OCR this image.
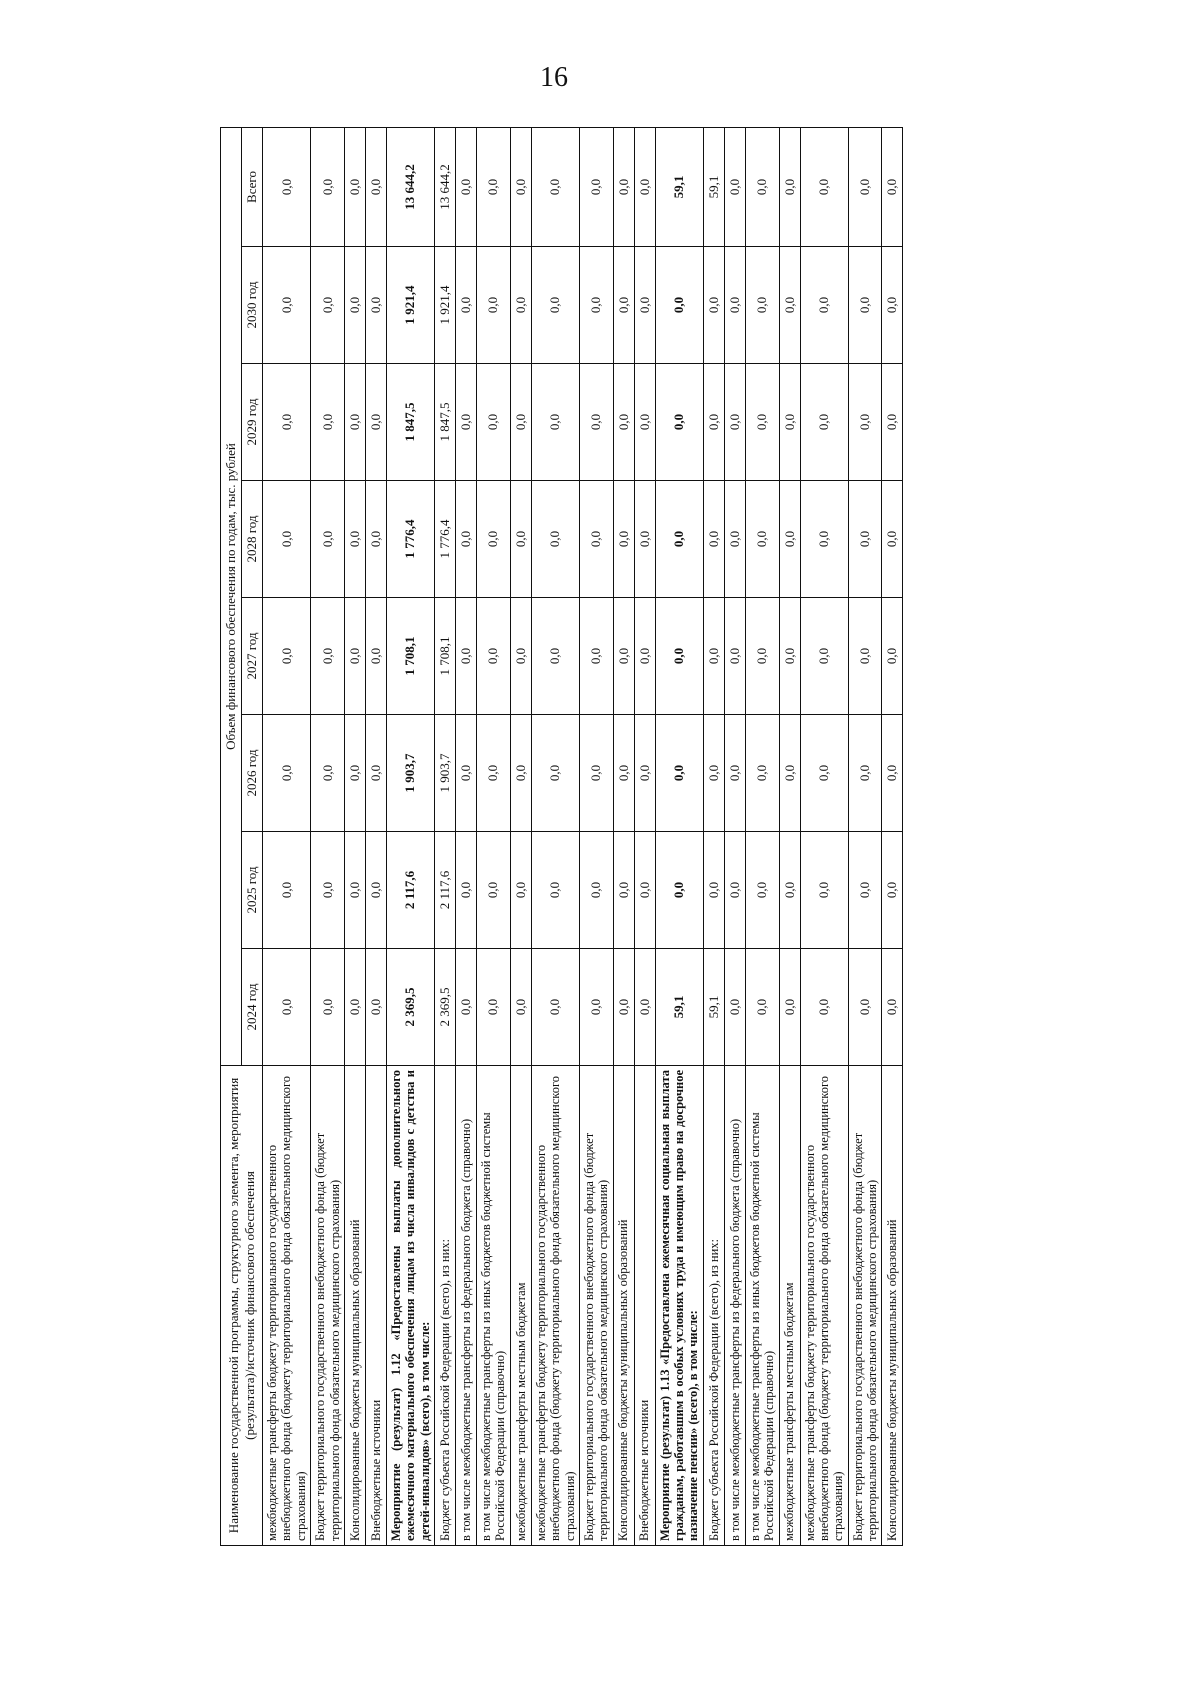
16
Наименование государственной программы, структурного элемента, мероприятия (результата)/источник финансового обеспечения	Объем финансового обеспечения по годам, тыс. рублей							
	2024 год	2025 год	2026 год	2027 год	2028 год	2029 год	2030 год	Всего
межбюджетные трансферты бюджету территориального государственного внебюджетного фонда (бюджету территориального фонда обязательного медицинского страхования)	0,0	0,0	0,0	0,0	0,0	0,0	0,0	0,0
Бюджет территориального государственного внебюджетного фонда (бюджет территориального фонда обязательного медицинского страхования)	0,0	0,0	0,0	0,0	0,0	0,0	0,0	0,0
Консолидированные бюджеты муниципальных образований	0,0	0,0	0,0	0,0	0,0	0,0	0,0	0,0
Внебюджетные источники	0,0	0,0	0,0	0,0	0,0	0,0	0,0	0,0
Мероприятие (результат) 1.12 «Предоставлены выплаты дополнительного ежемесячного материального обеспечения лицам из числа инвалидов с детства и детей-инвалидов» (всего), в том числе:	2 369,5	2 117,6	1 903,7	1 708,1	1 776,4	1 847,5	1 921,4	13 644,2
Бюджет субъекта Российской Федерации (всего), из них:	2 369,5	2 117,6	1 903,7	1 708,1	1 776,4	1 847,5	1 921,4	13 644,2
в том числе межбюджетные трансферты из федерального бюджета (справочно)	0,0	0,0	0,0	0,0	0,0	0,0	0,0	0,0
в том числе межбюджетные трансферты из иных бюджетов бюджетной системы Российской Федерации (справочно)	0,0	0,0	0,0	0,0	0,0	0,0	0,0	0,0
межбюджетные трансферты местным бюджетам	0,0	0,0	0,0	0,0	0,0	0,0	0,0	0,0
межбюджетные трансферты бюджету территориального государственного внебюджетного фонда (бюджету территориального фонда обязательного медицинского страхования)	0,0	0,0	0,0	0,0	0,0	0,0	0,0	0,0
Бюджет территориального государственного внебюджетного фонда (бюджет территориального фонда обязательного медицинского страхования)	0,0	0,0	0,0	0,0	0,0	0,0	0,0	0,0
Консолидированные бюджеты муниципальных образований	0,0	0,0	0,0	0,0	0,0	0,0	0,0	0,0
Внебюджетные источники	0,0	0,0	0,0	0,0	0,0	0,0	0,0	0,0
Мероприятие (результат) 1.13 «Предоставлена ежемесячная социальная выплата гражданам, работавшим в особых условиях труда и имеющим право на досрочное назначение пенсии» (всего), в том числе:	59,1	0,0	0,0	0,0	0,0	0,0	0,0	59,1
Бюджет субъекта Российской Федерации (всего), из них:	59,1	0,0	0,0	0,0	0,0	0,0	0,0	59,1
в том числе межбюджетные трансферты из федерального бюджета (справочно)	0,0	0,0	0,0	0,0	0,0	0,0	0,0	0,0
в том числе межбюджетные трансферты из иных бюджетов бюджетной системы Российской Федерации (справочно)	0,0	0,0	0,0	0,0	0,0	0,0	0,0	0,0
межбюджетные трансферты местным бюджетам	0,0	0,0	0,0	0,0	0,0	0,0	0,0	0,0
межбюджетные трансферты бюджету территориального государственного внебюджетного фонда (бюджету территориального фонда обязательного медицинского страхования)	0,0	0,0	0,0	0,0	0,0	0,0	0,0	0,0
Бюджет территориального государственного внебюджетного фонда (бюджет территориального фонда обязательного медицинского страхования)	0,0	0,0	0,0	0,0	0,0	0,0	0,0	0,0
Консолидированные бюджеты муниципальных образований	0,0	0,0	0,0	0,0	0,0	0,0	0,0	0,0
